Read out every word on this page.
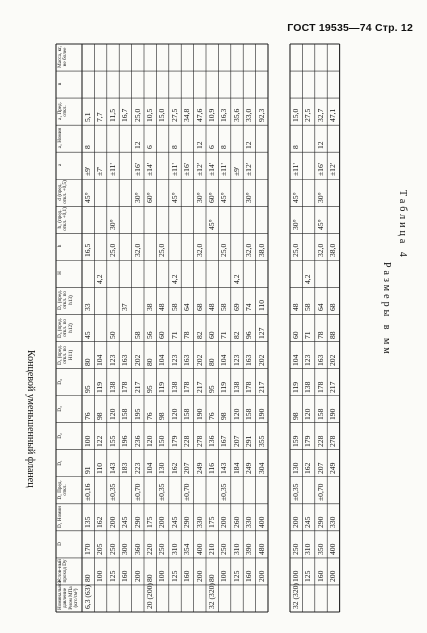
ГОСТ 19535—74 Стр. 12
Таблица 4
Размеры в мм
Концевой уменьшенный фланец
Номинальное давление Pном МПа (кгс/см²)
Услов-ный проход Dу
D
D₁ Номин
D₁ Пред. откл.
D₁
D₂
D₃
D₄
D₅ (пред. откл. по H11)
D₆ (пред. откл. по h12)
D₇ (пред. откл. по h13)
H
h
h₁ (пред. откл. +0,1)
d (пред. откл. +0,5)
a
a₁ Номин
a₁ Пред. откл.
n
Масса, кг, не более
6,3 (63)
80
170
135
±0,16
91
100
76
95
80
45
33
16,5
45°
±9'
8
5,1
100
205
162
110
122
98
119
104
4,2
±7'
7,7
125
250
200
±0,35
143
155
120
138
123
50
25,0
30°
±11'
11,5
160
300
245
183
196
158
178
163
37
16,7
200
360
290
±0,70
223
236
195
217
202
58
32,0
30°
±16'
12
25,0
20 (200)
80
220
175
104
120
76
95
80
56
38
60°
±14'
6
10,5
100
250
200
±0,35
130
150
98
119
104
60
48
25,0
15,0
125
310
245
162
179
120
138
123
71
58
4,2
45°
±11'
8
27,5
160
354
290
±0,70
207
228
158
178
163
78
64
±16'
34,8
200
400
330
249
278
190
217
202
82
68
32,0
30°
±12'
12
47,6
32 (320)
80
210
175
116
136
76
95
80
60
48
45°
60°
±14'
6
10,9
100
250
200
±0,35
143
167
98
119
104
71
58
25,0
45°
±11'
8
16,3
125
310
260
184
207
120
138
123
82
69
4,2
±9'
35,6
160
390
330
249
291
158
178
163
96
74
32,0
30°
±12'
12
33,0
200
480
400
304
355
190
217
202
127
110
38,0
92,3
32 (320)
100
250
200
±0,35
130
159
98
119
104
60
48
25,0
30°
45°
±11'
8
15,0
125
310
245
162
179
120
138
123
71
58
4,2
27,5
160
350
290
±0,70
207
228
158
178
163
78
64
32,0
45°
30°
±16'
12
32,7
200
400
330
249
278
190
217
202
88
68
38,0
±12'
47,1
